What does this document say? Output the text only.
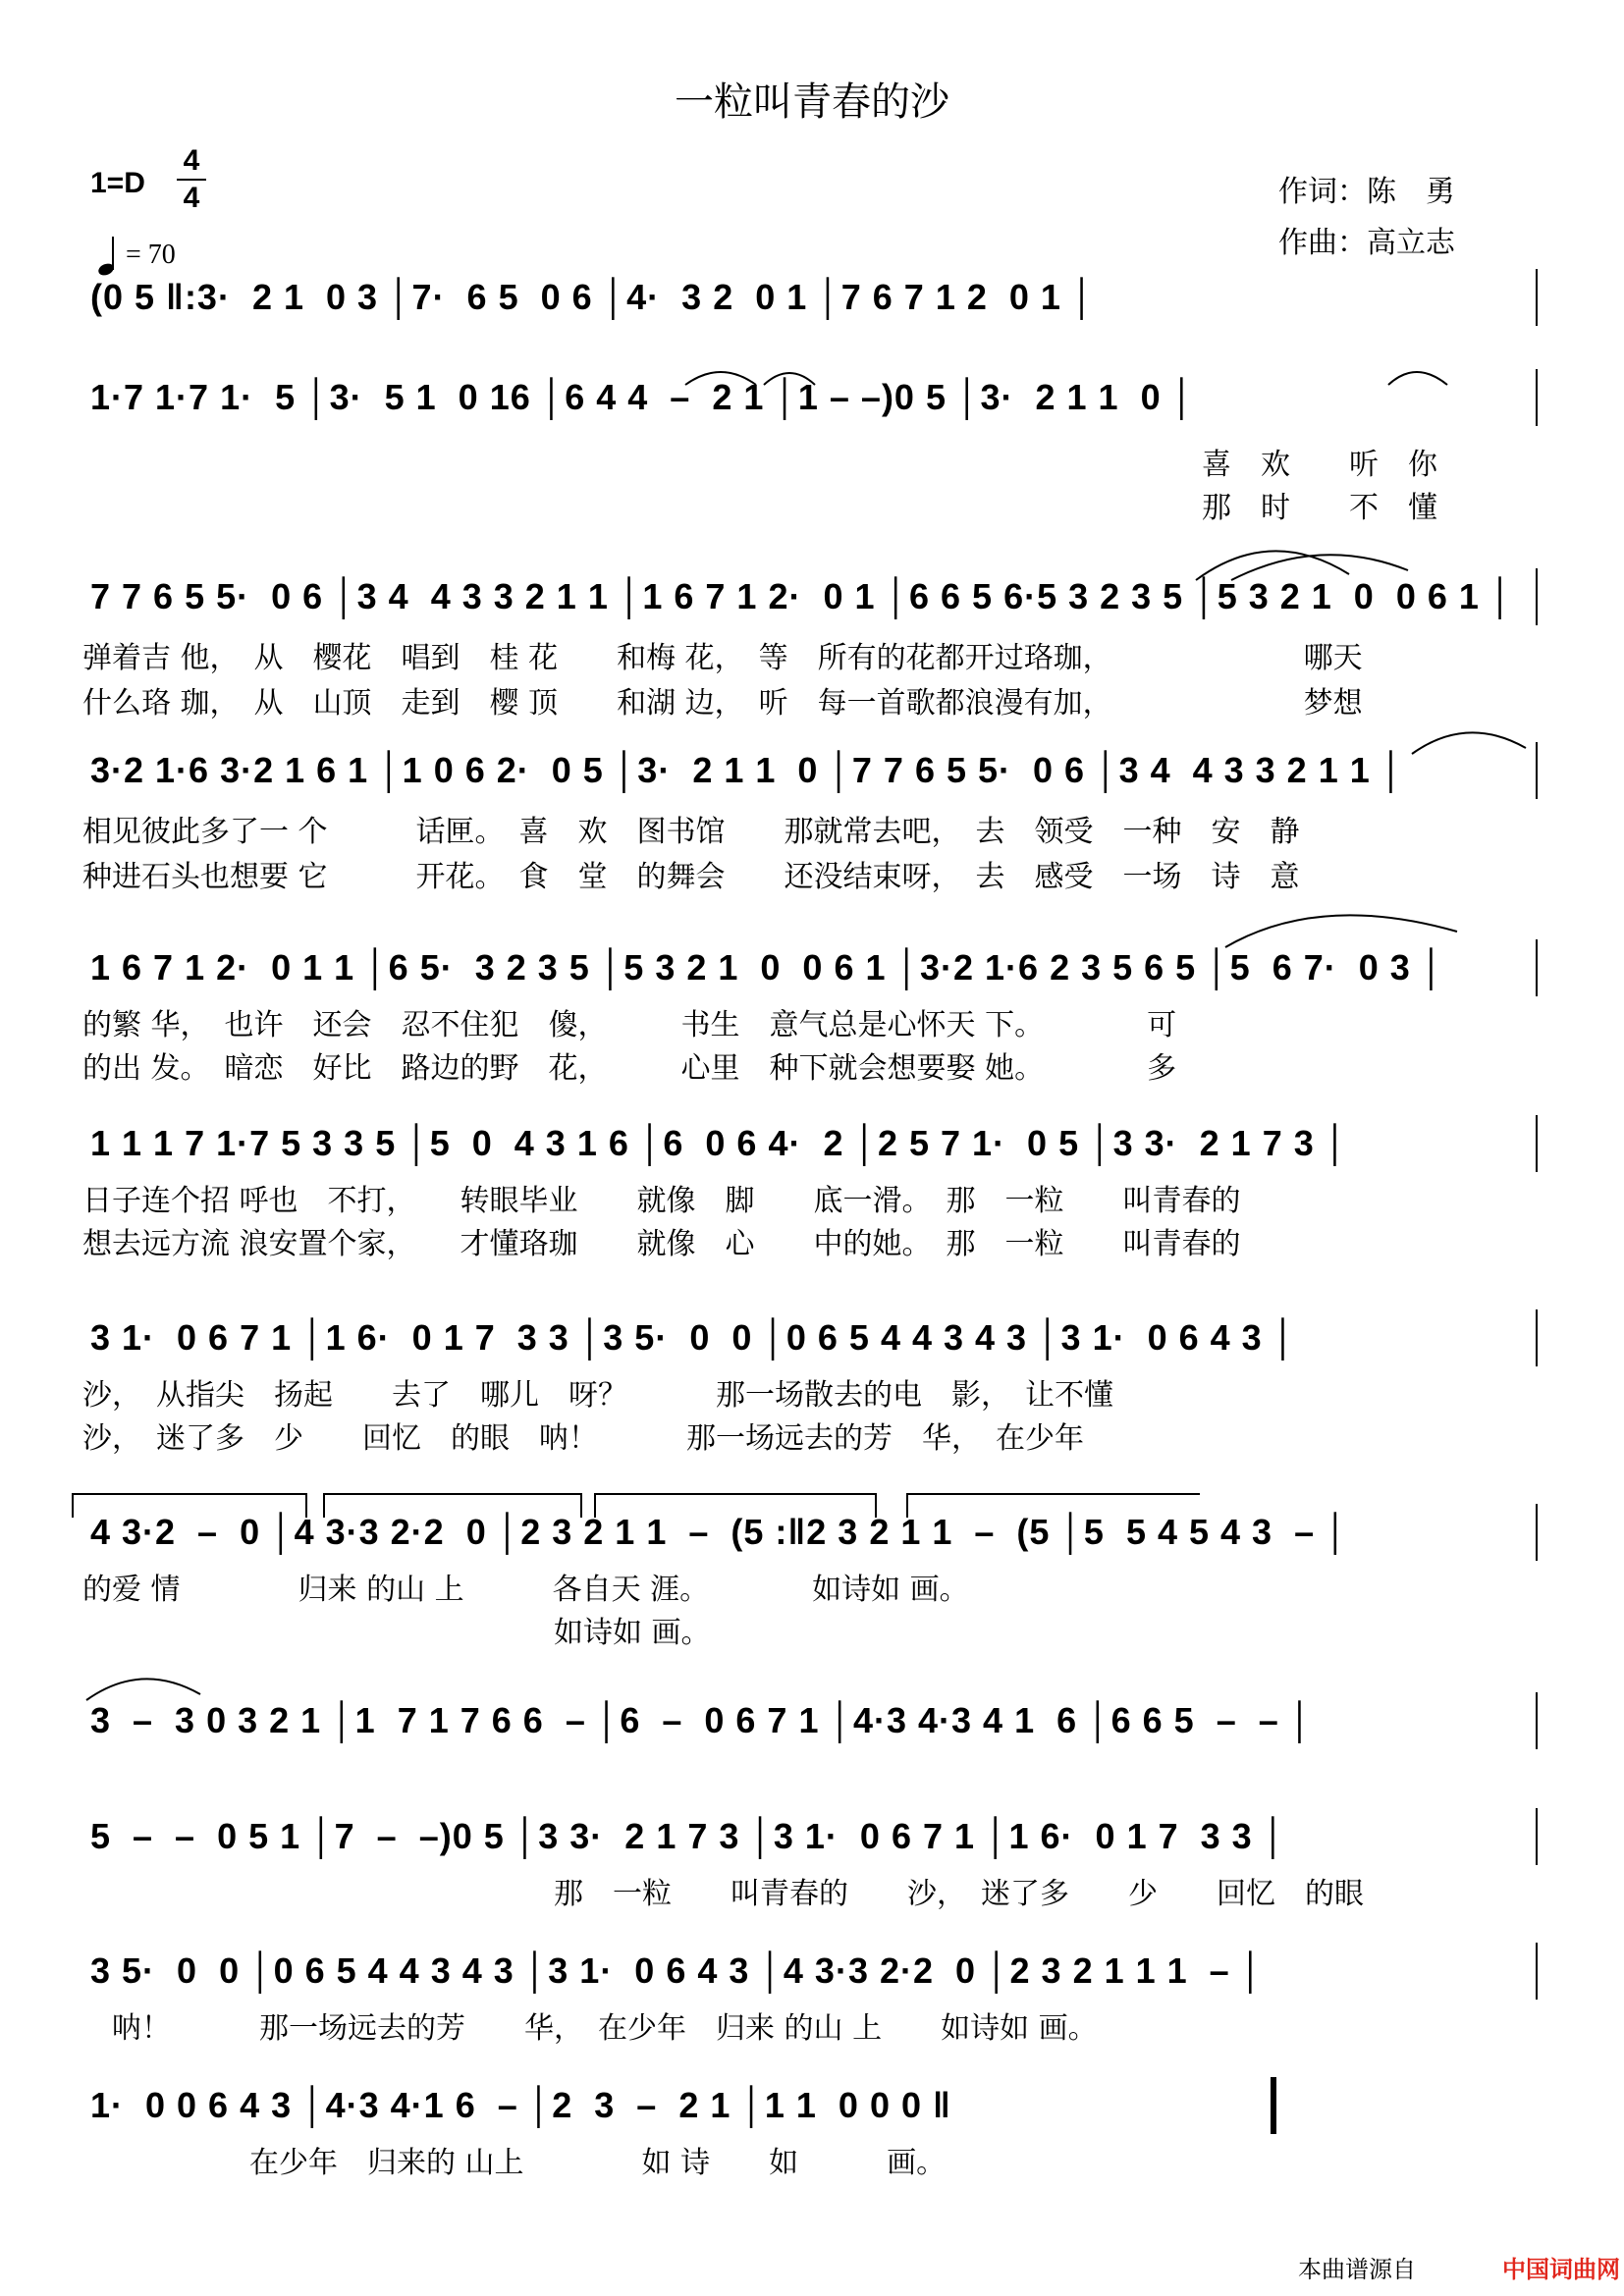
一粒叫青春的沙
1=D
4
4
= 70
作词：陈　勇
作曲：高立志
(0 5 ‖:3·  2 1  0 3 │7·  6 5  0 6 │4·  3 2  0 1 │7 6 7 1 2  0 1 │
1·7 1·7 1·  5 │3·  5 1  0 16 │6 4 4  –  2 1 │1 – –)0 5 │3·  2 1 1  0 │
喜　欢　　听　你
那　时　　不　懂
7 7 6 5 5·  0 6 │3 4  4 3 3 2 1 1 │1 6 7 1 2·  0 1 │6 6 5 6·5 3 2 3 5 │5 3 2 1  0  0 6 1 │
弹着吉 他，　从　樱花　唱到　桂 花　　和梅 花，　等　所有的花都开过珞珈，　　　　　　　哪天
什么珞 珈，　从　山顶　走到　樱 顶　　和湖 边，　听　每一首歌都浪漫有加，　　　　　　　梦想
3·2 1·6 3·2 1 6 1 │1 0 6 2·  0 5 │3·  2 1 1  0 │7 7 6 5 5·  0 6 │3 4  4 3 3 2 1 1 │
相见彼此多了一 个　　　话匣。　喜　欢　图书馆　　那就常去吧，　去　领受　一种　安　静
种进石头也想要 它　　　开花。　食　堂　的舞会　　还没结束呀，　去　感受　一场　诗　意
1 6 7 1 2·  0 1 1 │6 5·  3 2 3 5 │5 3 2 1  0  0 6 1 │3·2 1·6 2 3 5 6 5 │5  6 7·  0 3 │
的繁 华，　也许　还会　忍不住犯　傻，　　　书生　意气总是心怀天 下。　　　　可
的出 发。　暗恋　好比　路边的野　花，　　　心里　种下就会想要娶 她。　　　　多
1 1 1 7 1·7 5 3 3 5 │5  0  4 3 1 6 │6  0 6 4·  2 │2 5 7 1·  0 5 │3 3·  2 1 7 3 │
日子连个招 呼也　不打，　　转眼毕业　　就像　脚　　底一滑。　那　一粒　　叫青春的
想去远方流 浪安置个家，　　才懂珞珈　　就像　心　　中的她。　那　一粒　　叫青春的
3 1·  0 6 7 1 │1 6·  0 1 7  3 3 │3 5·  0  0 │0 6 5 4 4 3 4 3 │3 1·  0 6 4 3 │
沙，　从指尖　扬起　　去了　哪儿　呀？　　　那一场散去的电　影，　让不懂
沙，　迷了多　少　　回忆　的眼　呐！　　　那一场远去的芳　华，　在少年
4 3·2  –  0 │4 3·3 2·2  0 │2 3 2 1 1  –  (5 :‖2 3 2 1 1  –  (5 │5  5 4 5 4 3  – │
的爱 情　　　　归来 的山 上　　　各自天 涯。　　　　如诗如 画。
　　　　　　　　　　　　　　　　如诗如 画。
3  –  3 0 3 2 1 │1  7 1 7 6 6  – │6  –  0 6 7 1 │4·3 4·3 4 1  6 │6 6 5  –  – │
5  –  –  0 5 1 │7  –  –)0 5 │3 3·  2 1 7 3 │3 1·  0 6 7 1 │1 6·  0 1 7  3 3 │
那　一粒　　叫青春的　　沙，　迷了多　　少　　回忆　的眼
3 5·  0  0 │0 6 5 4 4 3 4 3 │3 1·  0 6 4 3 │4 3·3 2·2  0 │2 3 2 1 1 1  – │
呐！　　　那一场远去的芳　　华，　在少年　归来 的山 上　　如诗如 画。
1·  0 0 6 4 3 │4·3 4·1 6  – │2  3  –  2 1 │1 1  0 0 0 ‖
在少年　归来的 山上　　　　如 诗　　如　　　画。
本曲谱源自	中国词曲网
